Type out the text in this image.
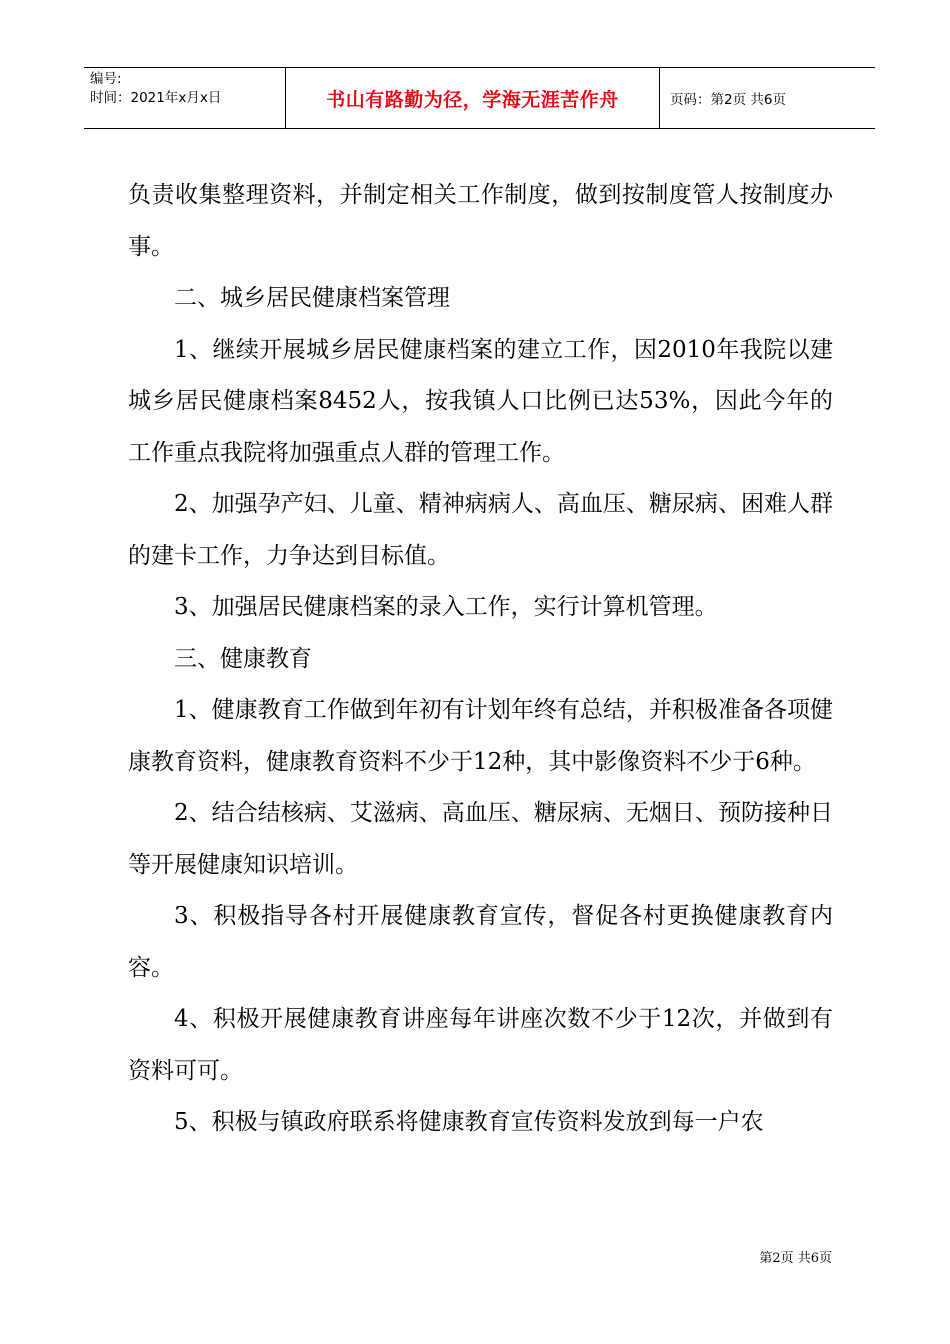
编号:
时间：2021年x月x日	书山有路勤为径，学海无涯苦作舟	页码：第2页 共6页

负责收集整理资料，并制定相关工作制度，做到按制度管人按制度办事。

二、城乡居民健康档案管理

1、继续开展城乡居民健康档案的建立工作，因2010年我院以建城乡居民健康档案8452人，按我镇人口比例已达53%，因此今年的工作重点我院将加强重点人群的管理工作。

2、加强孕产妇、儿童、精神病病人、高血压、糖尿病、困难人群的建卡工作，力争达到目标值。

3、加强居民健康档案的录入工作，实行计算机管理。

三、健康教育

1、健康教育工作做到年初有计划年终有总结，并积极准备各项健康教育资料，健康教育资料不少于12种，其中影像资料不少于6种。

2、结合结核病、艾滋病、高血压、糖尿病、无烟日、预防接种日等开展健康知识培训。

3、积极指导各村开展健康教育宣传，督促各村更换健康教育内容。

4、积极开展健康教育讲座每年讲座次数不少于12次，并做到有资料可可。

5、积极与镇政府联系将健康教育宣传资料发放到每一户农

第2页 共6页
